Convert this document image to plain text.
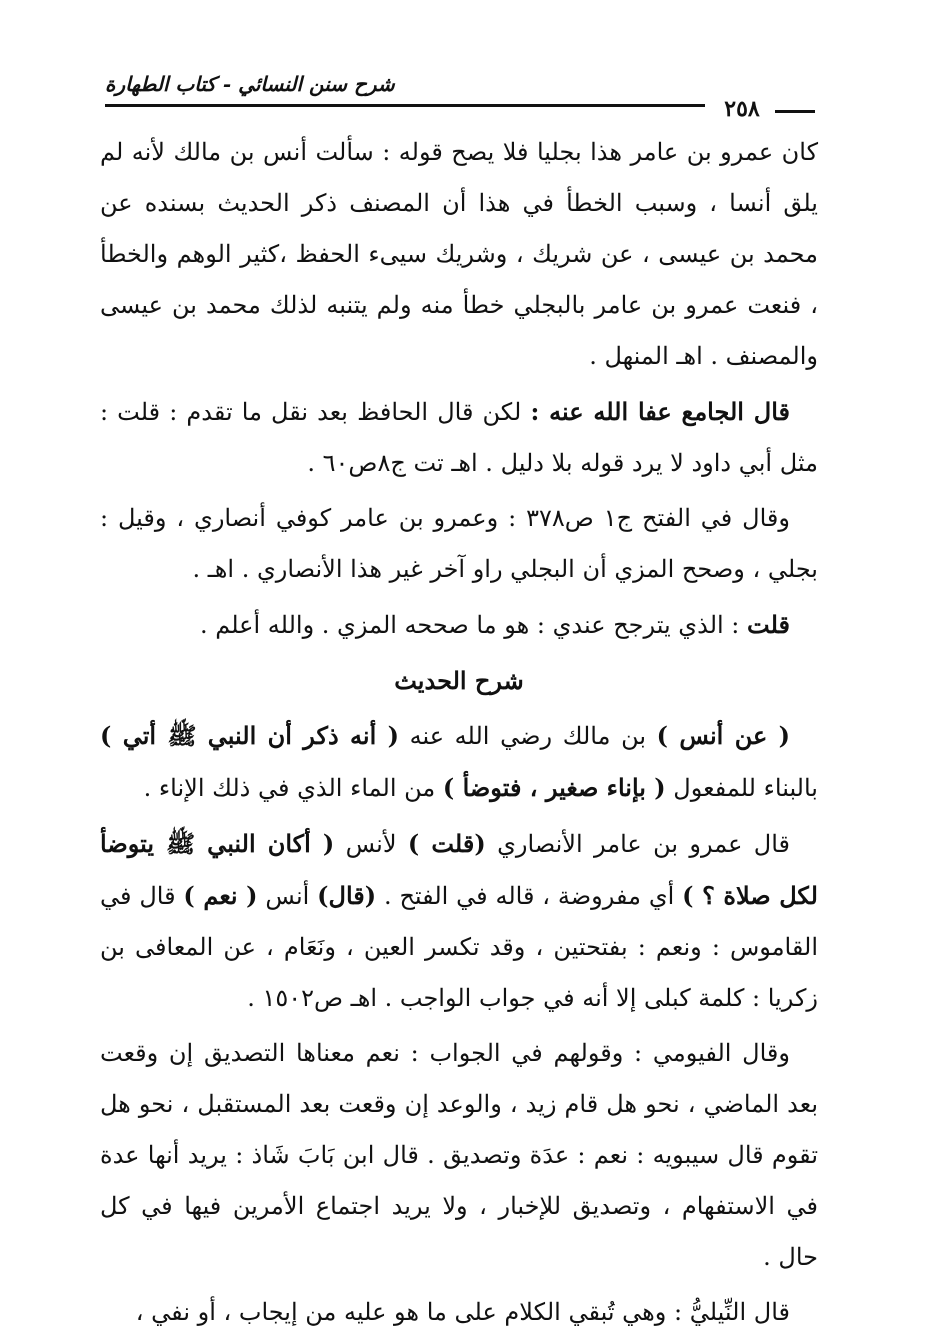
شرح سنن النسائي - كتاب الطهارة
٢٥٨

كان عمرو بن عامر هذا بجليا فلا يصح قوله : سألت أنس بن مالك لأنه لم يلق أنسا ، وسبب الخطأ في هذا أن المصنف ذكر الحديث بسنده عن محمد بن عيسى ، عن شريك ، وشريك سيىء الحفظ ،كثير الوهم والخطأ ، فنعت عمرو بن عامر بالبجلي خطأ منه ولم يتنبه لذلك محمد بن عيسى والمصنف . اهـ المنهل .

قال الجامع عفا الله عنه : لكن قال الحافظ بعد نقل ما تقدم : قلت : مثل أبي داود لا يرد قوله بلا دليل . اهـ تت ج٨ص٦٠ .

وقال في الفتح ج١ ص٣٧٨ : وعمرو بن عامر كوفي أنصاري ، وقيل : بجلي ، وصحح المزي أن البجلي راو آخر غير هذا الأنصاري . اهـ .

قلت : الذي يترجح عندي : هو ما صححه المزي . والله أعلم .

شرح الحديث

( عن أنس ) بن مالك رضي الله عنه ( أنه ذكر أن النبي ﷺ أتي ) بالبناء للمفعول ( بإناء صغير ، فتوضأ ) من الماء الذي في ذلك الإناء .

قال عمرو بن عامر الأنصاري (قلت ) لأنس ( أكان النبي ﷺ يتوضأ لكل صلاة ؟ ) أي مفروضة ، قاله في الفتح . (قال) أنس ( نعم ) قال في القاموس : ونعم : بفتحتين ، وقد تكسر العين ، ونَعَام ، عن المعافى بن زكريا : كلمة كبلى إلا أنه في جواب الواجب . اهـ ص١٥٠٢ .

وقال الفيومي : وقولهم في الجواب : نعم معناها التصديق إن وقعت بعد الماضي ، نحو هل قام زيد ، والوعد إن وقعت بعد المستقبل ، نحو هل تقوم قال سيبويه : نعم : عدَة وتصديق . قال ابن بَابَ شَاذ : يريد أنها عدة في الاستفهام ، وتصديق للإخبار ، ولا يريد اجتماع الأمرين فيها في كل حال .

قال النِّيليُّ : وهي تُبقي الكلام على ما هو عليه من إيجاب ، أو نفي ،
